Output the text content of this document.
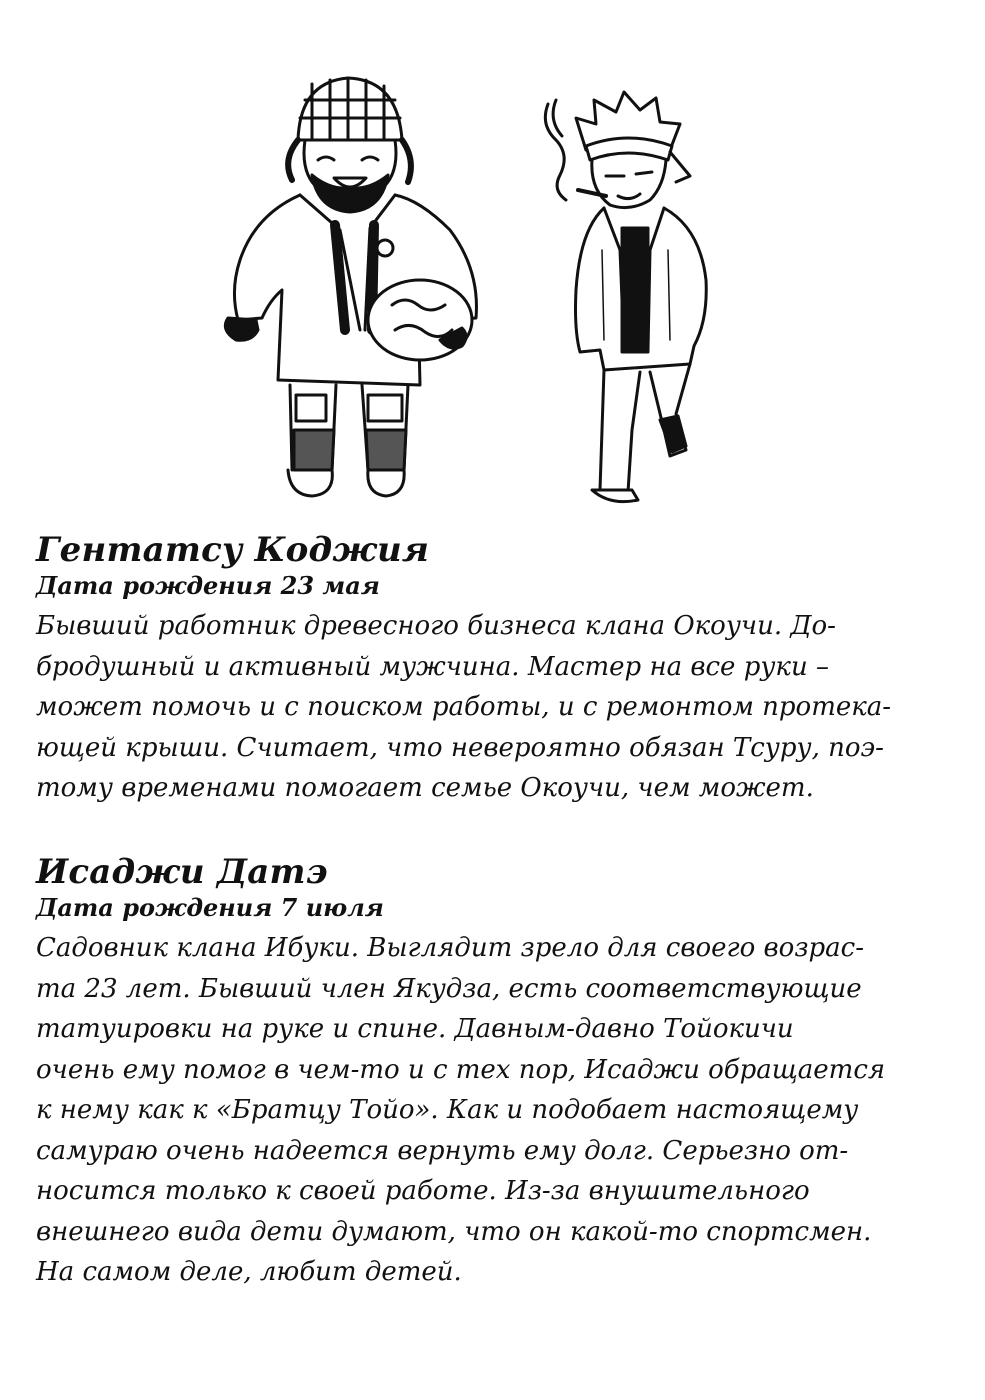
Гентатсу Коджия
Дата рождения 23 мая

Бывший работник древесного бизнеса клана Окоучи. До-

бродушный и активный мужчина. Мастер на все руки –

может помочь и с поиском работы, и с ремонтом протека-

ющей крыши. Считает, что невероятно обязан Тсуру, поэ-

тому временами помогает семье Окоучи, чем может.

Исаджи Датэ
Дата рождения 7 июля

Садовник клана Ибуки. Выглядит зрело для своего возрас-

та 23 лет. Бывший член Якудза, есть соответствующие

татуировки на руке и спине. Давным-давно Тойокичи

очень ему помог в чем-то и с тех пор, Исаджи обращается

к нему как к «Братцу Тойо». Как и подобает настоящему

самураю очень надеется вернуть ему долг. Серьезно от-

носится только к своей работе. Из-за внушительного

внешнего вида дети думают, что он какой-то спортсмен.

На самом деле, любит детей.
